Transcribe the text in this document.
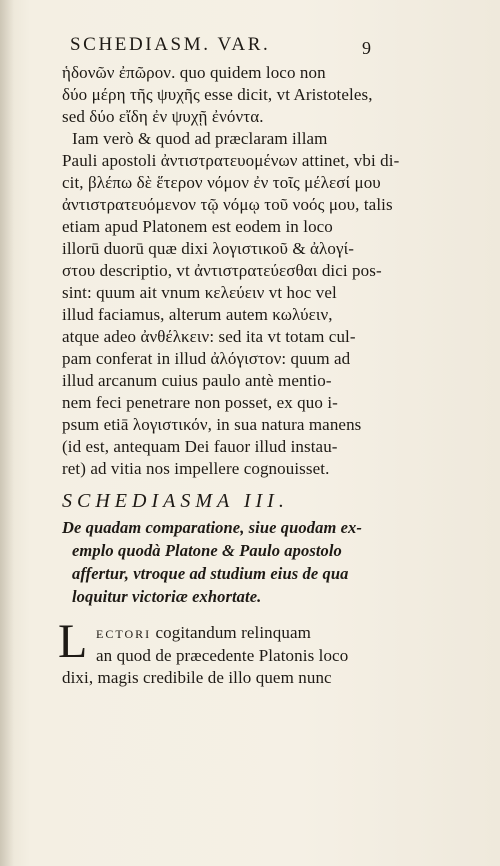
SCHEDIASM. VAR.	9
ἡδονῶν ἐπῶρον. quo quidem loco non
δύο μέρη τῆς ψυχῆς esse dicit, vt Aristoteles,
sed δύο εἴδη ἐν ψυχῇ ἐνόντα.
Iam verò & quod ad præclaram illam
Pauli apostoli ἀντιστρατευομένων attinet, vbi di-
cit, βλέπω δὲ ἕτερον νόμον ἐν τοῖς μέλεσί μου
ἀντιστρατευόμενον τῷ νόμῳ τοῦ νοός μου, talis
etiam apud Platonem est eodem in loco
illorū duorū quæ dixi λογιστικοῦ & ἀλογί-
στου descriptio, vt ἀντιστρατεύεσθαι dici pos-
sint: quum ait vnum κελεύειν vt hoc vel
illud faciamus, alterum autem κωλύειν,
atque adeo ἀνθέλκειν: sed ita vt totam cul-
pam conferat in illud ἀλόγιστον: quum ad
illud arcanum cuius paulo antè mentio-
nem feci penetrare non posset, ex quo i-
psum etiā λογιστικόν, in sua natura manens
(id est, antequam Dei fauor illud instau-
ret) ad vitia nos impellere cognouisset.
SCHEDIASMA III.
De quadam comparatione, siue quodam ex-
emplo quodà Platone & Paulo apostolo
affertur, vtroque ad studium eius de qua
loquitur victoriæ exhortate.
L ECTORI cogitandum relinquam
an quod de præcedente Platonis loco
dixi, magis credibile de illo quem nunc
